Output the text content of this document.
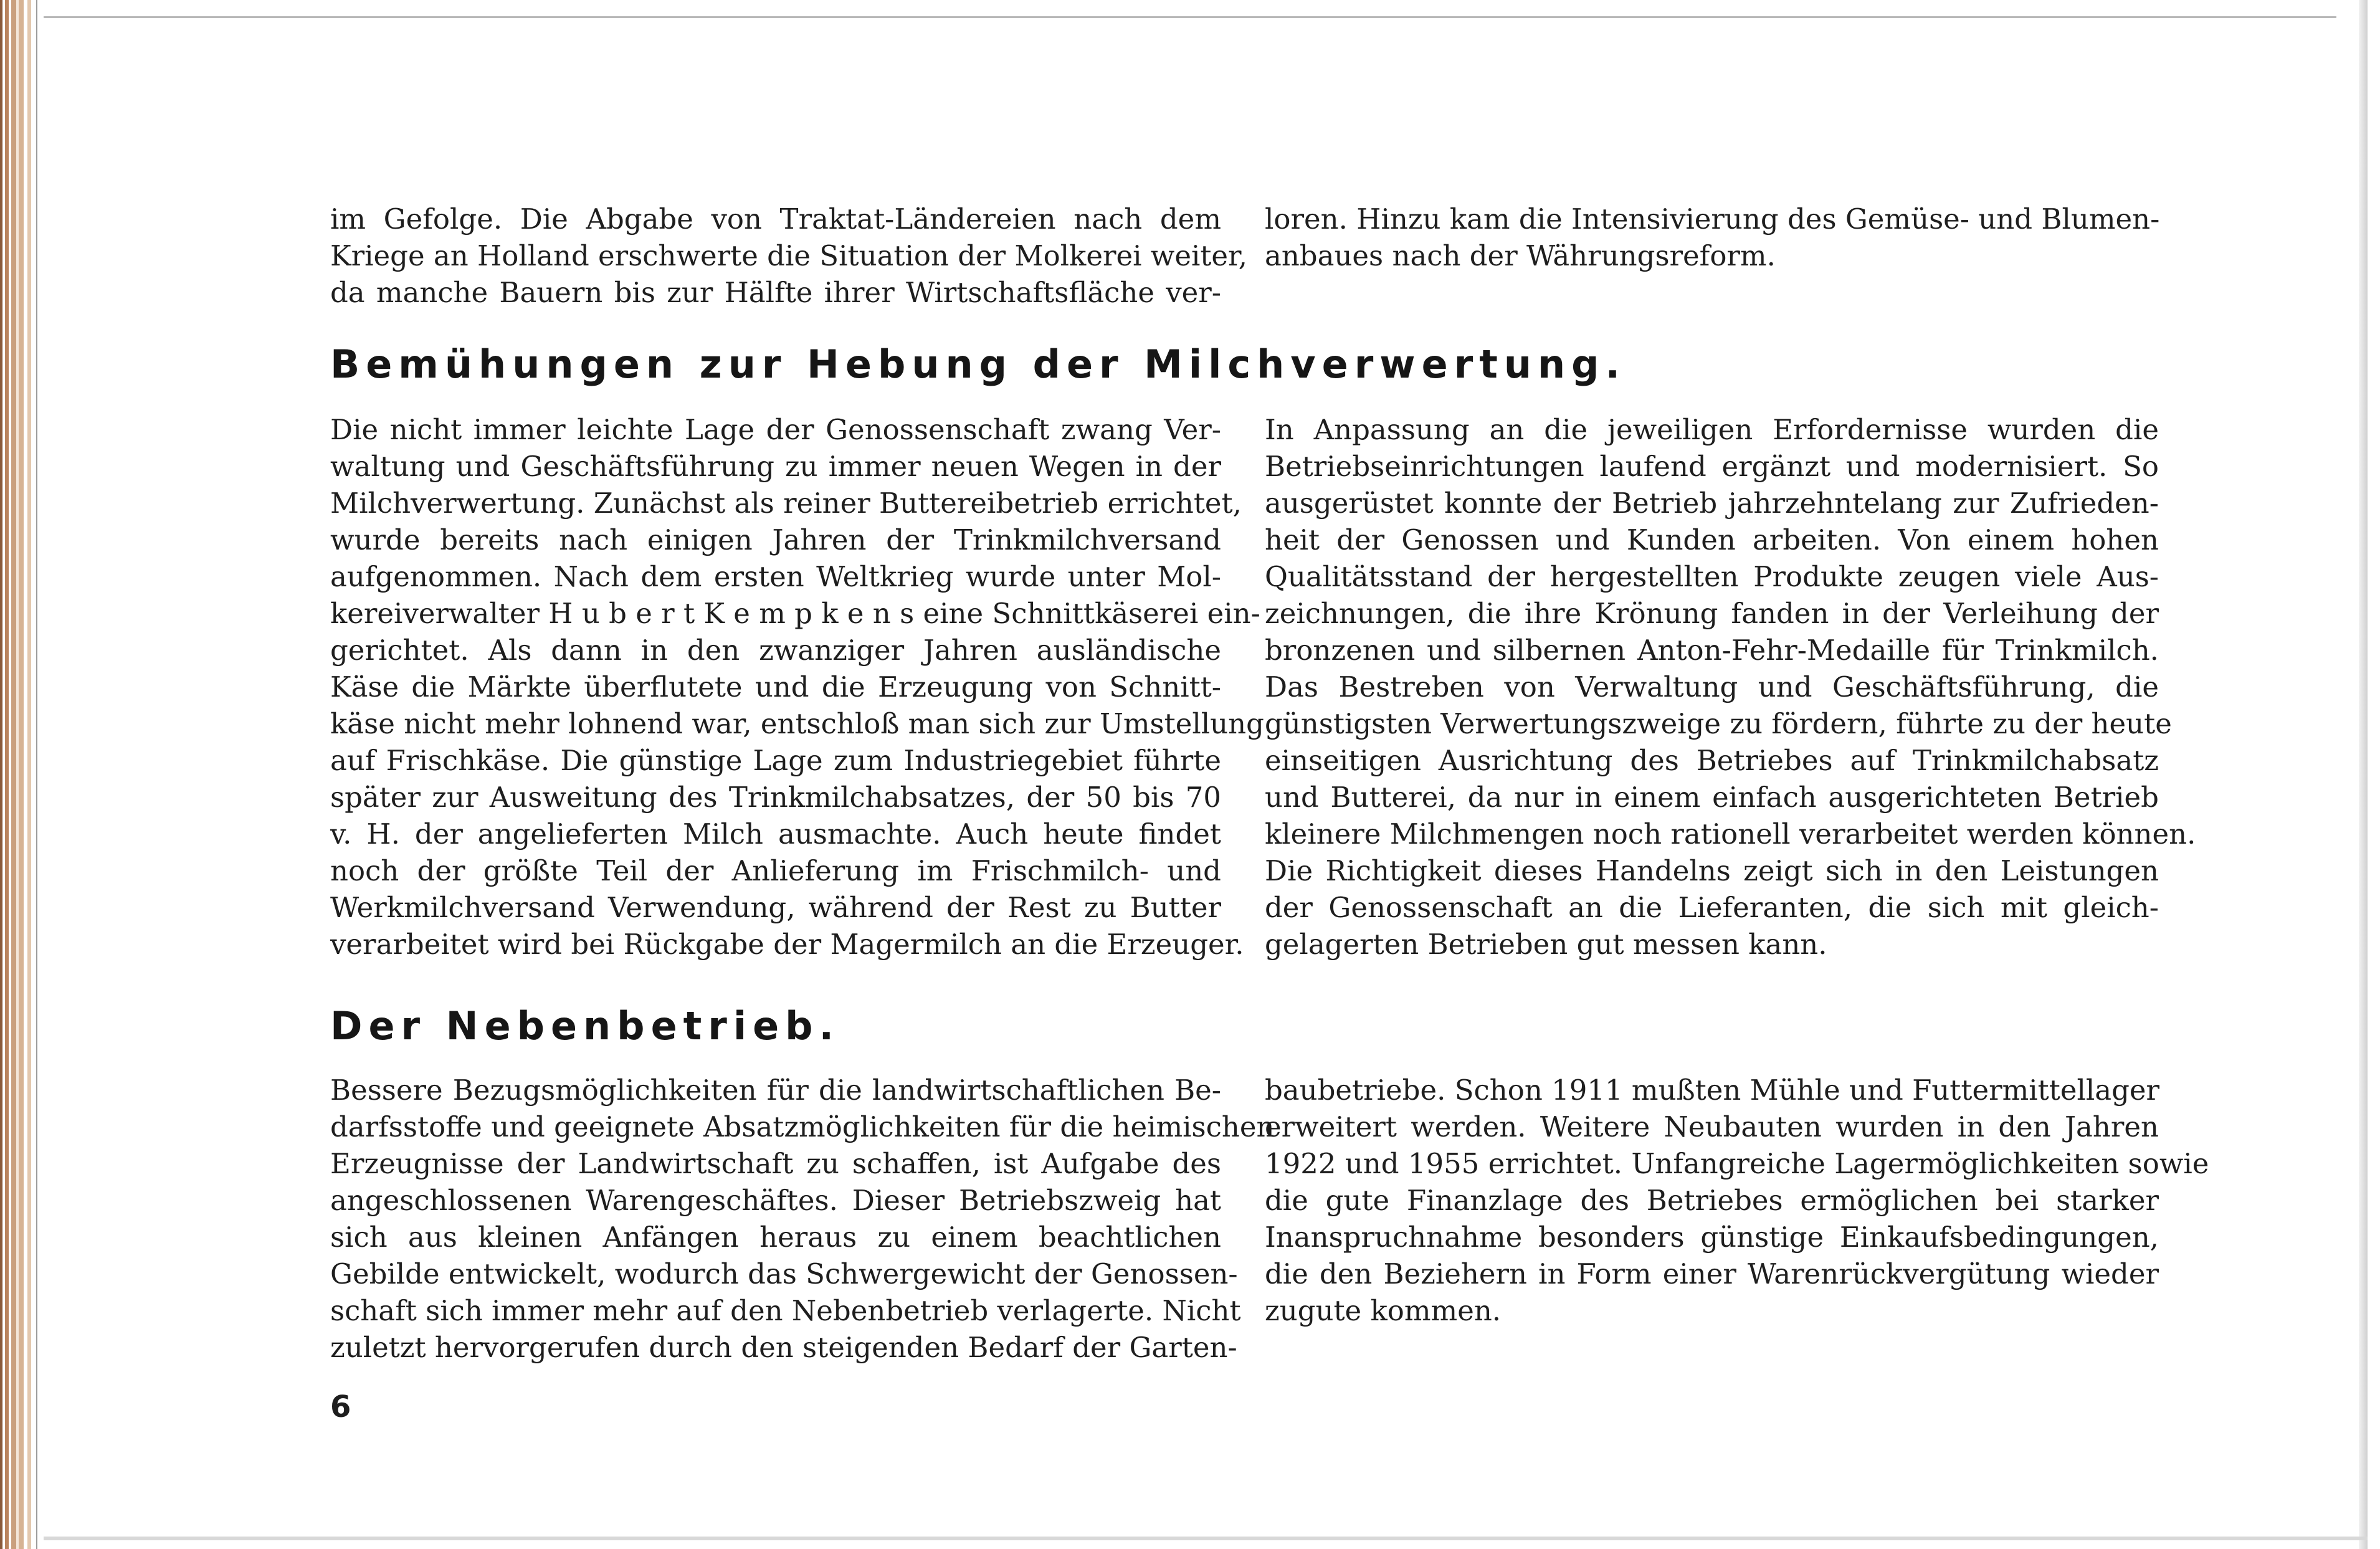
im Gefolge. Die Abgabe von Traktat-Ländereien nach dem
Kriege an Holland erschwerte die Situation der Molkerei weiter,
da manche Bauern bis zur Hälfte ihrer Wirtschaftsfläche ver-
loren. Hinzu kam die Intensivierung des Gemüse- und Blumen-
anbaues nach der Währungsreform.
Bemühungen zur Hebung der Milchverwertung.
Die nicht immer leichte Lage der Genossenschaft zwang Ver-
waltung und Geschäftsführung zu immer neuen Wegen in der
Milchverwertung. Zunächst als reiner Buttereibetrieb errichtet,
wurde bereits nach einigen Jahren der Trinkmilchversand
aufgenommen. Nach dem ersten Weltkrieg wurde unter Mol-
kereiverwalter H u b e r t K e m p k e n s eine Schnittkäserei ein-
gerichtet. Als dann in den zwanziger Jahren ausländische
Käse die Märkte überflutete und die Erzeugung von Schnitt-
käse nicht mehr lohnend war, entschloß man sich zur Umstellung
auf Frischkäse. Die günstige Lage zum Industriegebiet führte
später zur Ausweitung des Trinkmilchabsatzes, der 50 bis 70
v. H. der angelieferten Milch ausmachte. Auch heute findet
noch der größte Teil der Anlieferung im Frischmilch- und
Werkmilchversand Verwendung, während der Rest zu Butter
verarbeitet wird bei Rückgabe der Magermilch an die Erzeuger.
In Anpassung an die jeweiligen Erfordernisse wurden die
Betriebseinrichtungen laufend ergänzt und modernisiert. So
ausgerüstet konnte der Betrieb jahrzehntelang zur Zufrieden-
heit der Genossen und Kunden arbeiten. Von einem hohen
Qualitätsstand der hergestellten Produkte zeugen viele Aus-
zeichnungen, die ihre Krönung fanden in der Verleihung der
bronzenen und silbernen Anton-Fehr-Medaille für Trinkmilch.
Das Bestreben von Verwaltung und Geschäftsführung, die
günstigsten Verwertungszweige zu fördern, führte zu der heute
einseitigen Ausrichtung des Betriebes auf Trinkmilchabsatz
und Butterei, da nur in einem einfach ausgerichteten Betrieb
kleinere Milchmengen noch rationell verarbeitet werden können.
Die Richtigkeit dieses Handelns zeigt sich in den Leistungen
der Genossenschaft an die Lieferanten, die sich mit gleich-
gelagerten Betrieben gut messen kann.
Der Nebenbetrieb.
Bessere Bezugsmöglichkeiten für die landwirtschaftlichen Be-
darfsstoffe und geeignete Absatzmöglichkeiten für die heimischen
Erzeugnisse der Landwirtschaft zu schaffen, ist Aufgabe des
angeschlossenen Warengeschäftes. Dieser Betriebszweig hat
sich aus kleinen Anfängen heraus zu einem beachtlichen
Gebilde entwickelt, wodurch das Schwergewicht der Genossen-
schaft sich immer mehr auf den Nebenbetrieb verlagerte. Nicht
zuletzt hervorgerufen durch den steigenden Bedarf der Garten-
baubetriebe. Schon 1911 mußten Mühle und Futtermittellager
erweitert werden. Weitere Neubauten wurden in den Jahren
1922 und 1955 errichtet. Unfangreiche Lagermöglichkeiten sowie
die gute Finanzlage des Betriebes ermöglichen bei starker
Inanspruchnahme besonders günstige Einkaufsbedingungen,
die den Beziehern in Form einer Warenrückvergütung wieder
zugute kommen.
6
